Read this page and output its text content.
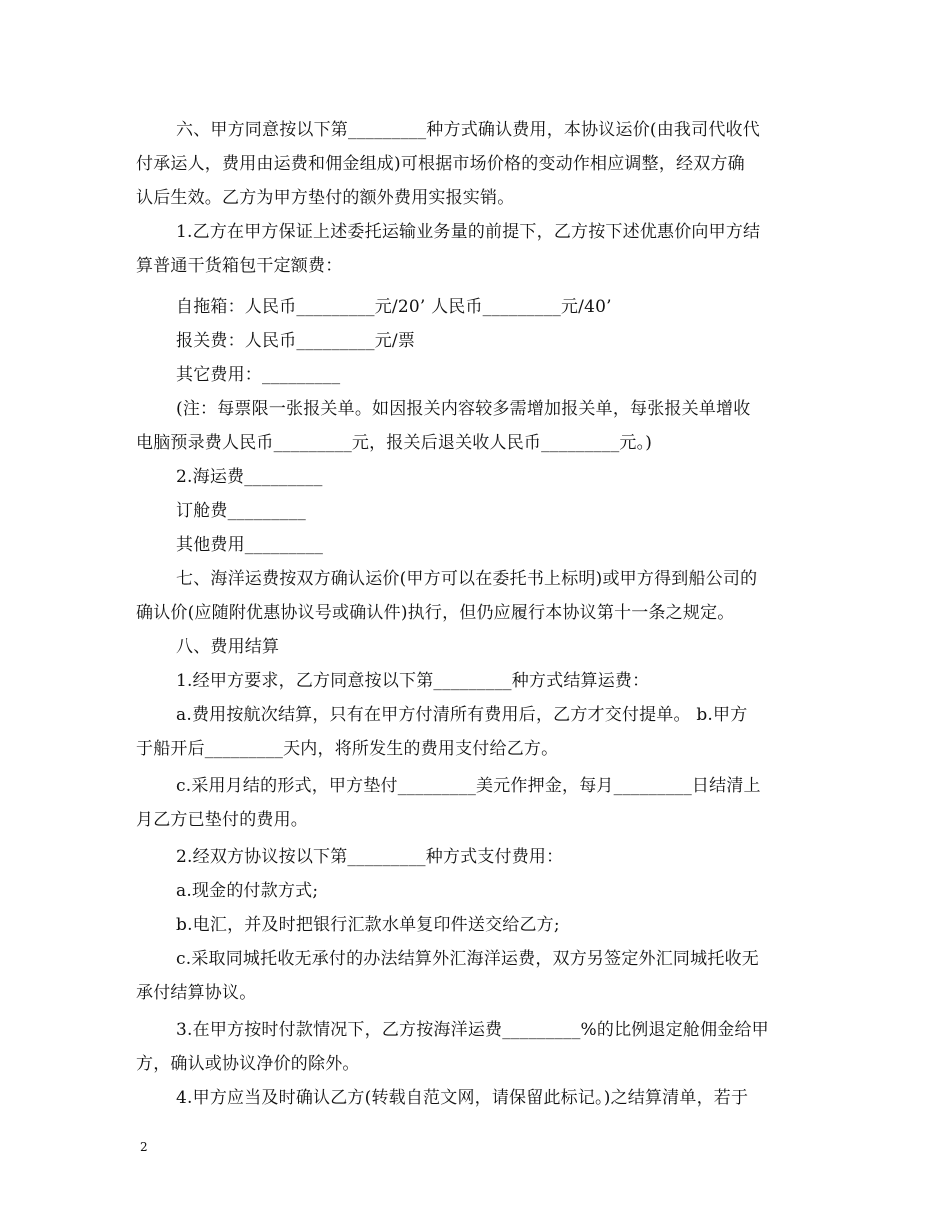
六、甲方同意按以下第_________种方式确认费用，本协议运价(由我司代收代
付承运人，费用由运费和佣金组成)可根据市场价格的变动作相应调整，经双方确
认后生效。乙方为甲方垫付的额外费用实报实销。
1.乙方在甲方保证上述委托运输业务量的前提下，乙方按下述优惠价向甲方结
算普通干货箱包干定额费：
自拖箱：人民币_________元/20’ 人民币_________元/40’
报关费：人民币_________元/票
其它费用：_________
(注：每票限一张报关单。如因报关内容较多需增加报关单，每张报关单增收
电脑预录费人民币_________元，报关后退关收人民币_________元。)
2.海运费_________
订舱费_________
其他费用_________
七、海洋运费按双方确认运价(甲方可以在委托书上标明)或甲方得到船公司的
确认价(应随附优惠协议号或确认件)执行，但仍应履行本协议第十一条之规定。
八、费用结算
1.经甲方要求，乙方同意按以下第_________种方式结算运费：
a.费用按航次结算，只有在甲方付清所有费用后，乙方才交付提单。 b.甲方
于船开后_________天内，将所发生的费用支付给乙方。
c.采用月结的形式，甲方垫付_________美元作押金，每月_________日结清上
月乙方已垫付的费用。
2.经双方协议按以下第_________种方式支付费用：
a.现金的付款方式;
b.电汇，并及时把银行汇款水单复印件送交给乙方;
c.采取同城托收无承付的办法结算外汇海洋运费，双方另签定外汇同城托收无
承付结算协议。
3.在甲方按时付款情况下，乙方按海洋运费_________%的比例退定舱佣金给甲
方，确认或协议净价的除外。
4.甲方应当及时确认乙方(转载自范文网，请保留此标记。)之结算清单，若于
2
